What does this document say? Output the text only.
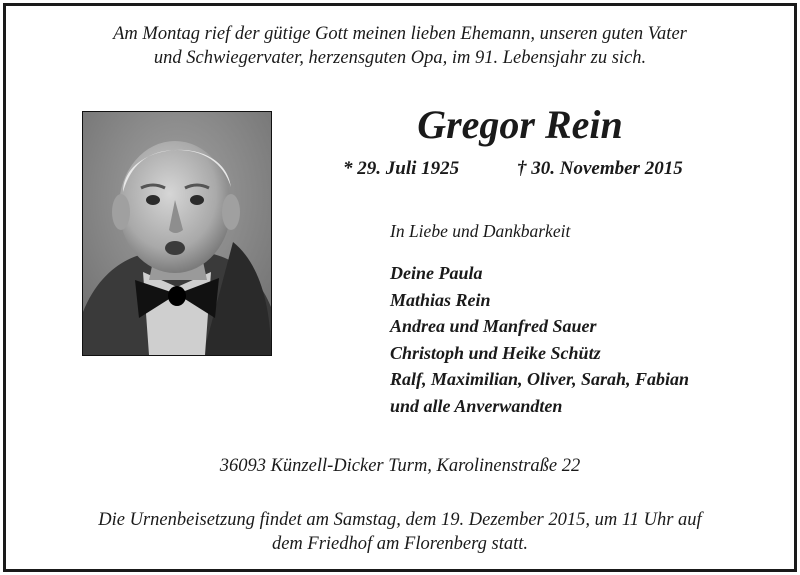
Am Montag rief der gütige Gott meinen lieben Ehemann, unseren guten Vater
und Schwiegervater, herzensguten Opa, im 91. Lebensjahr zu sich.
Gregor Rein
* 29. Juli 1925	† 30. November 2015
In Liebe und Dankbarkeit
Deine Paula
Mathias Rein
Andrea und Manfred Sauer
Christoph und Heike Schütz
Ralf, Maximilian, Oliver, Sarah, Fabian
und alle Anverwandten
36093 Künzell-Dicker Turm, Karolinenstraße 22
Die Urnenbeisetzung findet am Samstag, dem 19. Dezember 2015, um 11 Uhr auf
dem Friedhof am Florenberg statt.
